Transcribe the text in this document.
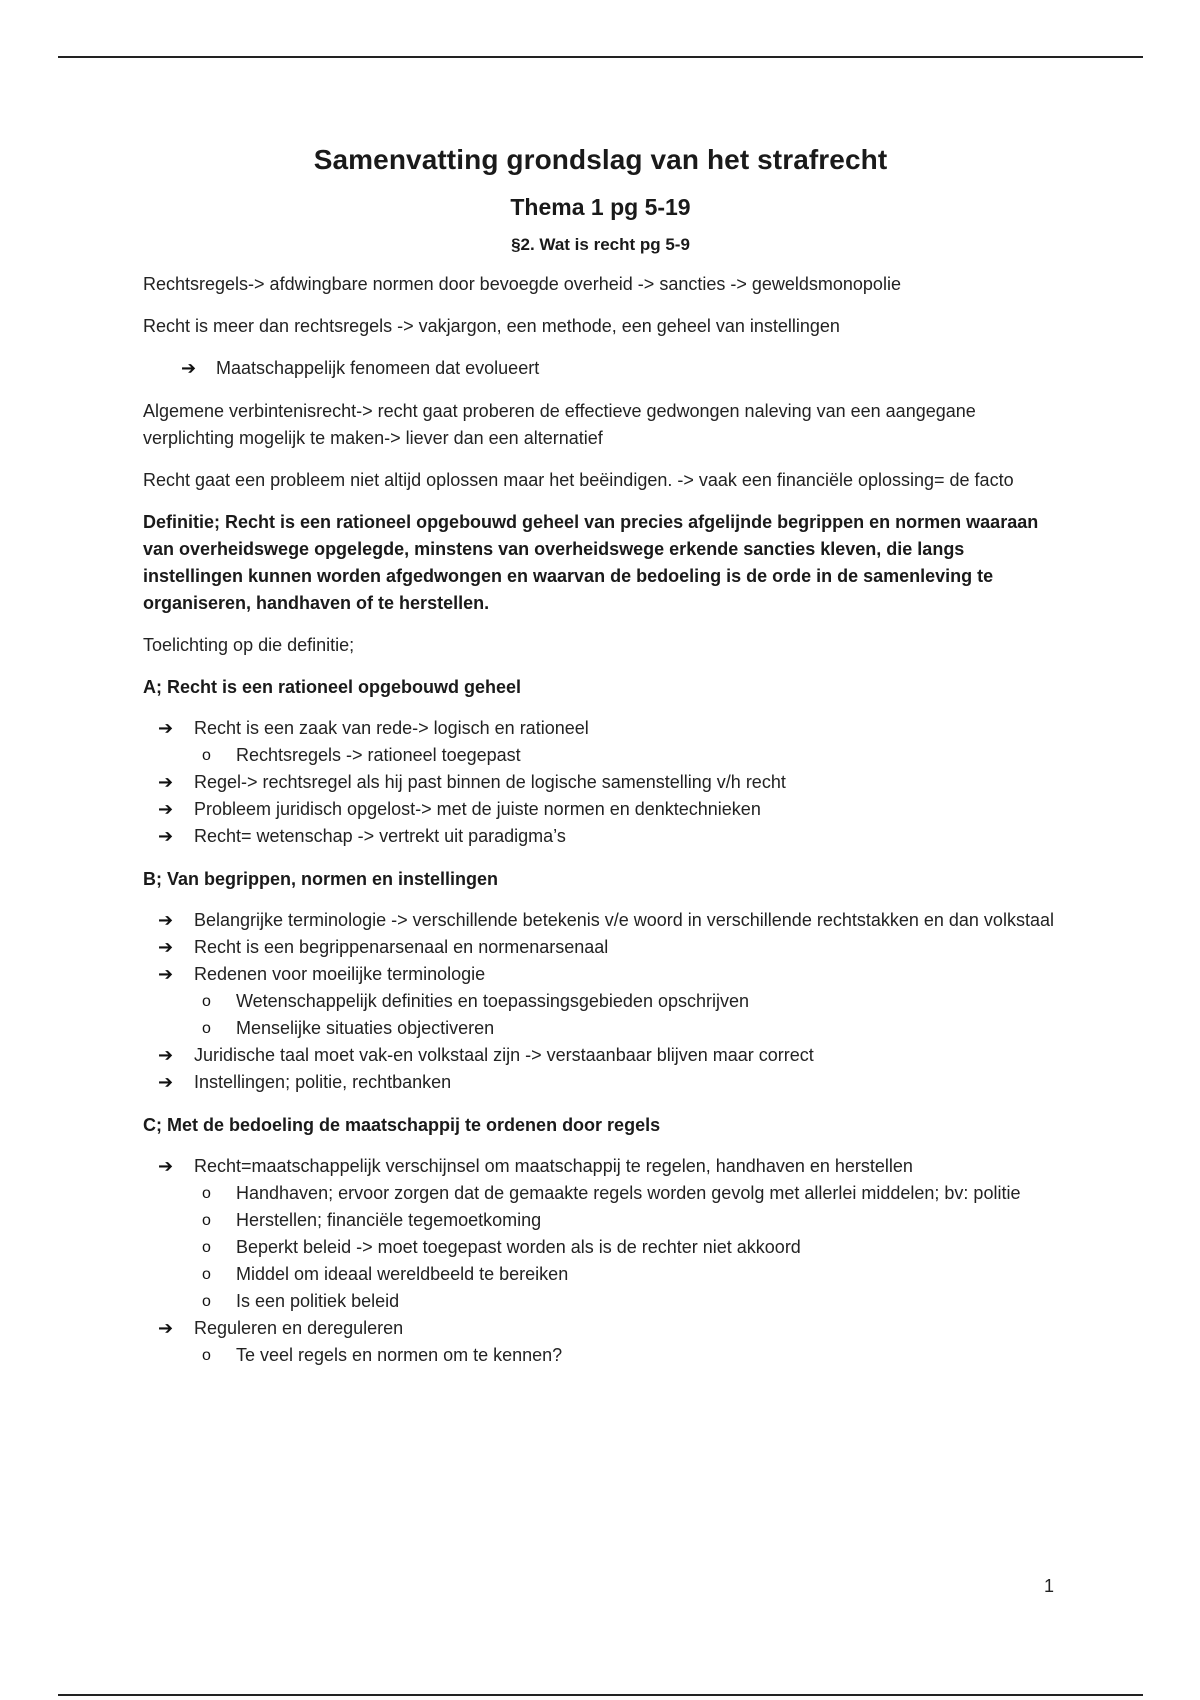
Samenvatting grondslag van het strafrecht
Thema 1 pg 5-19
§2. Wat is recht pg 5-9

Rechtsregels-> afdwingbare normen door bevoegde overheid -> sancties -> geweldsmonopolie

Recht is meer dan rechtsregels -> vakjargon, een methode, een geheel van instellingen

➔ Maatschappelijk fenomeen dat evolueert

Algemene verbintenisrecht-> recht gaat proberen de effectieve gedwongen naleving van een aangegane verplichting mogelijk te maken-> liever dan een alternatief

Recht gaat een probleem niet altijd oplossen maar het beëindigen. -> vaak een financiële oplossing= de facto

Definitie; Recht is een rationeel opgebouwd geheel van precies afgelijnde begrippen en normen waaraan van overheidswege opgelegde, minstens van overheidswege erkende sancties kleven, die langs instellingen kunnen worden afgedwongen en waarvan de bedoeling is de orde in de samenleving te organiseren, handhaven of te herstellen.

Toelichting op die definitie;

A; Recht is een rationeel opgebouwd geheel

➔ Recht is een zaak van rede-> logisch en rationeel
o Rechtsregels -> rationeel toegepast
➔ Regel-> rechtsregel als hij past binnen de logische samenstelling v/h recht
➔ Probleem juridisch opgelost-> met de juiste normen en denktechnieken
➔ Recht= wetenschap -> vertrekt uit paradigma’s

B; Van begrippen, normen en instellingen

➔ Belangrijke terminologie -> verschillende betekenis v/e woord in verschillende rechtstakken en dan volkstaal
➔ Recht is een begrippenarsenaal en normenarsenaal
➔ Redenen voor moeilijke terminologie
o Wetenschappelijk definities en toepassingsgebieden opschrijven
o Menselijke situaties objectiveren
➔ Juridische taal moet vak-en volkstaal zijn -> verstaanbaar blijven maar correct
➔ Instellingen; politie, rechtbanken

C; Met de bedoeling de maatschappij te ordenen door regels

➔ Recht=maatschappelijk verschijnsel om maatschappij te regelen, handhaven en herstellen
o Handhaven; ervoor zorgen dat de gemaakte regels worden gevolg met allerlei middelen; bv: politie
o Herstellen; financiële tegemoetkoming
o Beperkt beleid -> moet toegepast worden als is de rechter niet akkoord
o Middel om ideaal wereldbeeld te bereiken
o Is een politiek beleid
➔ Reguleren en dereguleren
o Te veel regels en normen om te kennen?
1
